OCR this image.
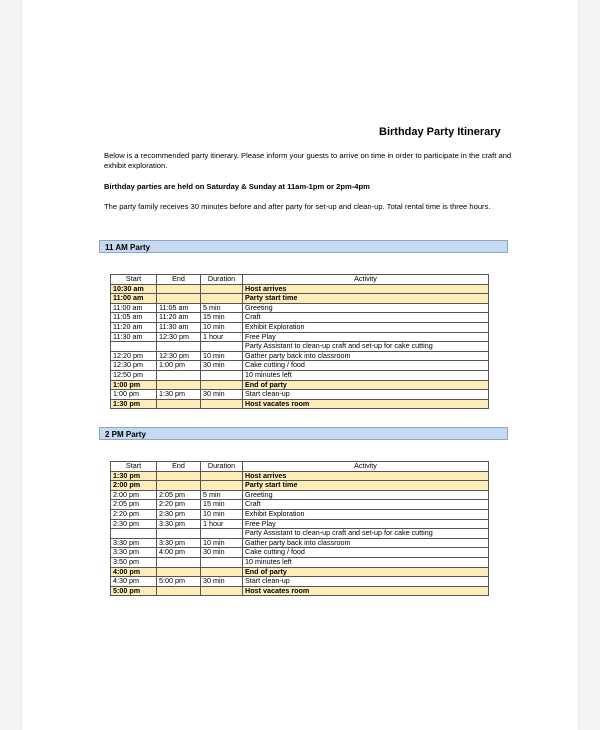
Birthday Party Itinerary
Below is a recommended party itinerary. Please inform your guests to arrive on time in order to participate in the craft and exhibit exploration.
Birthday parties are held on Saturday & Sunday at 11am-1pm or 2pm-4pm
The party family receives 30 minutes before and after party for set-up and clean-up. Total rental time is three hours.
11 AM Party
Start	End	Duration	Activity
10:30 am			Host arrives
11:00 am			Party start time
11:00 am	11:05 am	5 min	Greeting
11:05 am	11:20 am	15 min	Craft
11:20 am	11:30 am	10 min	Exhibit Exploration
11:30 am	12:30 pm	1 hour	Free Play
			Party Assistant to clean-up craft and set-up for cake cutting
12:20 pm	12:30 pm	10 min	Gather party back into classroom
12:30 pm	1:00 pm	30 min	Cake cutting / food
12:50 pm			10 minutes left
1:00 pm			End of party
1:00 pm	1:30 pm	30 min	Start clean-up
1:30 pm			Host vacates room
2 PM Party
Start	End	Duration	Activity
1:30 pm			Host arrives
2:00 pm			Party start time
2:00 pm	2:05 pm	5 min	Greeting
2:05 pm	2:20 pm	15 min	Craft
2:20 pm	2:30 pm	10 min	Exhibit Exploration
2:30 pm	3:30 pm	1 hour	Free Play
			Party Assistant to clean-up craft and set-up for cake cutting
3:30 pm	3:30 pm	10 min	Gather party back into classroom
3:30 pm	4:00 pm	30 min	Cake cutting / food
3:50 pm			10 minutes left
4:00 pm			End of party
4:30 pm	5:00 pm	30 min	Start clean-up
5:00 pm			Host vacates room
